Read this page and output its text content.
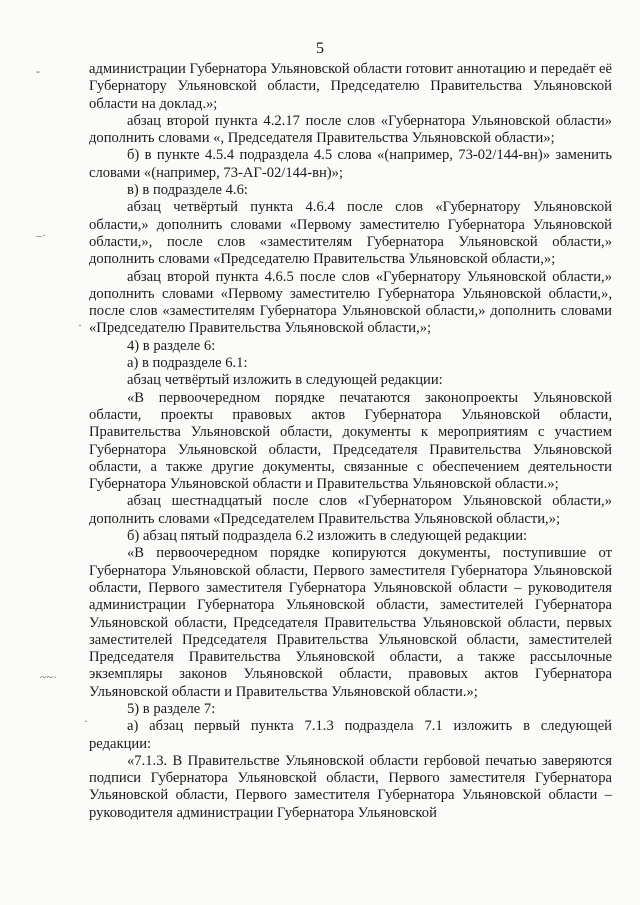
5
-
–·
·
~~·
·

администрации Губернатора Ульяновской области готовит аннотацию и передаёт её Губернатору Ульяновской области, Председателю Правительства Ульяновской области на доклад.»;

абзац второй пункта 4.2.17 после слов «Губернатора Ульяновской области» дополнить словами «, Председателя Правительства Ульяновской области»;

б) в пункте 4.5.4 подраздела 4.5 слова «(например, 73-02/144-вн)» заменить словами «(например, 73-АГ-02/144-вн)»;

в) в подразделе 4.6:

абзац четвёртый пункта 4.6.4 после слов «Губернатору Ульяновской области,» дополнить словами «Первому заместителю Губернатора Ульяновской области,», после слов «заместителям Губернатора Ульяновской области,» дополнить словами «Председателю Правительства Ульяновской области,»;

абзац второй пункта 4.6.5 после слов «Губернатору Ульяновской области,» дополнить словами «Первому заместителю Губернатора Ульяновской области,», после слов «заместителям Губернатора Ульяновской области,» дополнить словами «Председателю Правительства Ульяновской области,»;

4) в разделе 6:

а) в подразделе 6.1:

абзац четвёртый изложить в следующей редакции:

«В первоочередном порядке печатаются законопроекты Ульяновской области, проекты правовых актов Губернатора Ульяновской области, Правительства Ульяновской области, документы к мероприятиям с участием Губернатора Ульяновской области, Председателя Правительства Ульяновской области, а также другие документы, связанные с обеспечением деятельности Губернатора Ульяновской области и Правительства Ульяновской области.»;

абзац шестнадцатый после слов «Губернатором Ульяновской области,» дополнить словами «Председателем Правительства Ульяновской области,»;

б) абзац пятый подраздела 6.2 изложить в следующей редакции:

«В первоочередном порядке копируются документы, поступившие от Губернатора Ульяновской области, Первого заместителя Губернатора Ульяновской области, Первого заместителя Губернатора Ульяновской области – руководителя администрации Губернатора Ульяновской области, заместителей Губернатора Ульяновской области, Председателя Правительства Ульяновской области, первых заместителей Председателя Правительства Ульяновской области, заместителей Председателя Правительства Ульяновской области, а также рассылочные экземпляры законов Ульяновской области, правовых актов Губернатора Ульяновской области и Правительства Ульяновской области.»;

5) в разделе 7:

а) абзац первый пункта 7.1.3 подраздела 7.1 изложить в следующей редакции:

«7.1.3. В Правительстве Ульяновской области гербовой печатью заверяются подписи Губернатора Ульяновской области, Первого заместителя Губернатора Ульяновской области, Первого заместителя Губернатора Ульяновской области – руководителя администрации Губернатора Ульяновской
